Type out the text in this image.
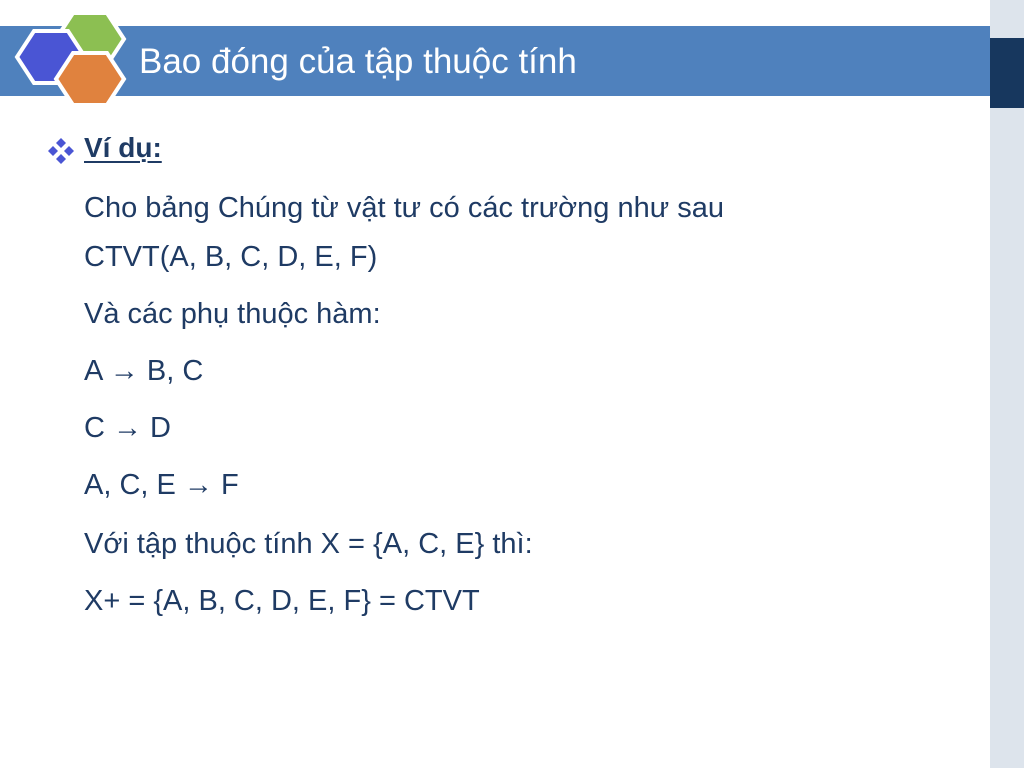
Bao đóng của tập thuộc tính
Ví dụ:
Cho bảng Chúng từ vật tư có các trường như sau
CTVT(A, B, C, D, E, F)
Và các phụ thuộc hàm:
A → B, C
C → D
A, C, E → F
Với tập thuộc tính X = {A, C, E} thì:
X+ = {A, B, C, D, E, F} = CTVT
